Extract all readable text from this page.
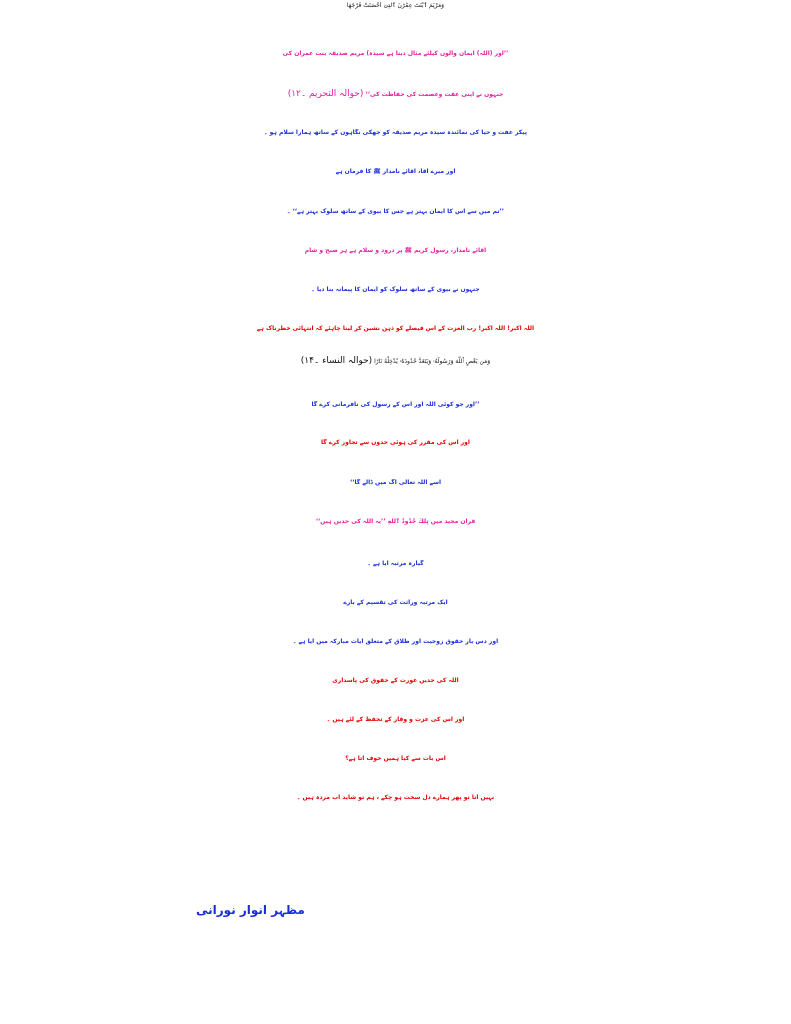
وَمَرْيَمَ ٱبْنَتَ عِمْرَٰنَ ٱلَّتِىٓ أَحْصَنَتْ فَرْجَهَا
’’اور (اللہ) ایمان والوں کیلئے مثال دیتا ہے سیدہ) مریم صدیقہ بنت عمران کی
جنہوں نے اپنی عفت وعصمت کی حفاظت کی‘‘ (حوالہ التحریم ۔۱۲)
پیکر عفت و حیا کی نمائندہ سیدہ مریم صدیقہ کو جھکی نگاہوں کے ساتھ ہمارا سلام ہو ۔
اور میرے آقا، آقائے نامدار ﷺ کا فرمان ہے
’’تم میں سے اس کا ایمان بہتر ہے جس کا بیوی کے ساتھ سلوک بہتر ہے‘‘ ۔
آقائے نامدار، رسول کریم ﷺ پر درود و سلام ہے ہر صبح و شام
جنہوں نے بیوی کے ساتھ سلوک کو ایمان کا پیمانہ بنا دیا ۔
اللہ اکبر! اللہ اکبر! رب العزت کے اس فیصلے کو ذہن نشین کر لینا چاہئے کہ انتہائی خطرناک ہے
وَمَن يَعْصِ ٱللَّهَ وَرَسُولَهُۥ وَيَتَعَدَّ حُدُودَهُۥ يُدْخِلْهُ نَارًا (حوالہ النساء ۔۱۴)
’’اور جو کوئی اللہ اور اس کے رسول کی نافرمانی کرے گا
اور اس کی مقرر کی ہوئی حدوں سے تجاوز کرے گا
اسے اللہ تعالٰی آگ میں ڈالے گا‘‘
قرآن مجید میں تِلْكَ حُدُودُ ٱللَّهِ ’’یہ اللہ کی حدیں ہیں‘‘
گیارہ مرتبہ آیا ہے ۔
ایک مرتبہ وراثت کی تقسیم کے بارے
اور دس بار حقوق زوجیت اور طلاق کے متعلق آیات مبارکہ میں آیا ہے ۔
اللہ کی حدیں عورت کے حقوق کی پاسداری
اور اس کی عزت و وقار کے تحفظ کے لئے ہیں ۔
اس بات سے کیا ہمیں خوف آتا ہے؟
نہیں آتا تو پھر ہمارے دل سخت ہو چکے ، ہم تو شاید اب مردہ ہیں ۔
مظہر انوار نورانی
